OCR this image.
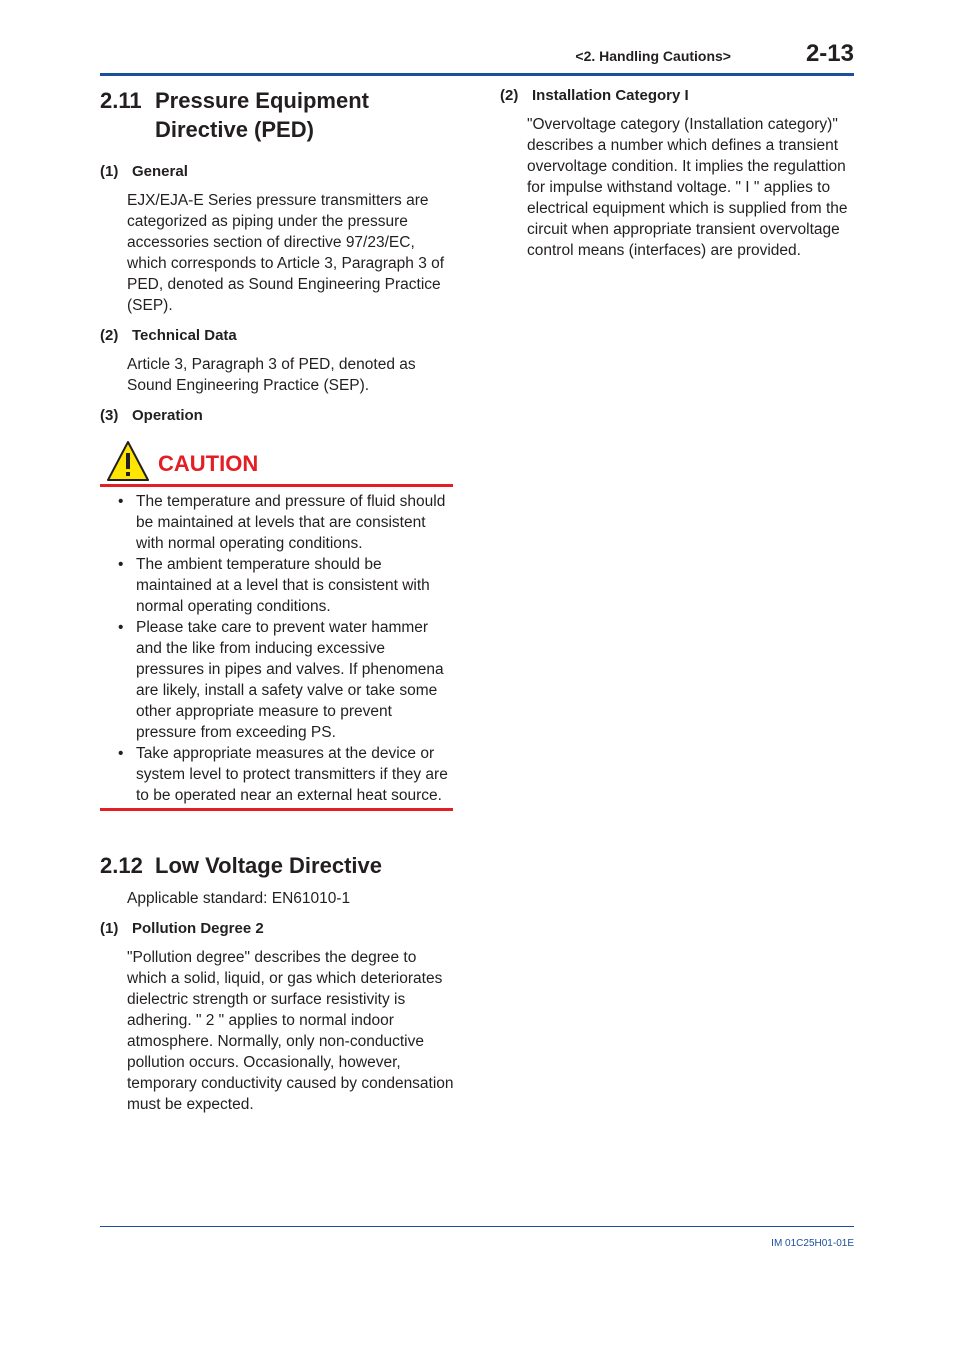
<2. Handling Cautions>	2-13
2.11 Pressure Equipment Directive (PED)
(1) General
EJX/EJA-E Series pressure transmitters are categorized as piping under the pressure accessories section of directive 97/23/EC, which corresponds to Article 3, Paragraph 3 of PED, denoted as Sound Engineering Practice (SEP).
(2) Technical Data
Article 3, Paragraph 3 of PED, denoted as Sound Engineering Practice (SEP).
(3) Operation
CAUTION
• The temperature and pressure of fluid should be maintained at levels that are consistent with normal operating conditions.
• The ambient temperature should be maintained at a level that is consistent with normal operating conditions.
• Please take care to prevent water hammer and the like from inducing excessive pressures in pipes and valves. If phenomena are likely, install a safety valve or take some other appropriate measure to prevent pressure from exceeding PS.
• Take appropriate measures at the device or system level to protect transmitters if they are to be operated near an external heat source.
2.12 Low Voltage Directive
Applicable standard: EN61010-1
(1) Pollution Degree 2
"Pollution degree" describes the degree to which a solid, liquid, or gas which deteriorates dielectric strength or surface resistivity is adhering. " 2 " applies to normal indoor atmosphere. Normally, only non-conductive pollution occurs. Occasionally, however, temporary conductivity caused by condensation must be expected.
(2) Installation Category I
"Overvoltage category (Installation category)" describes a number which defines a transient overvoltage condition. It implies the regulattion for impulse withstand voltage. " I " applies to electrical equipment which is supplied from the circuit when appropriate transient overvoltage control means (interfaces) are provided.
IM 01C25H01-01E
